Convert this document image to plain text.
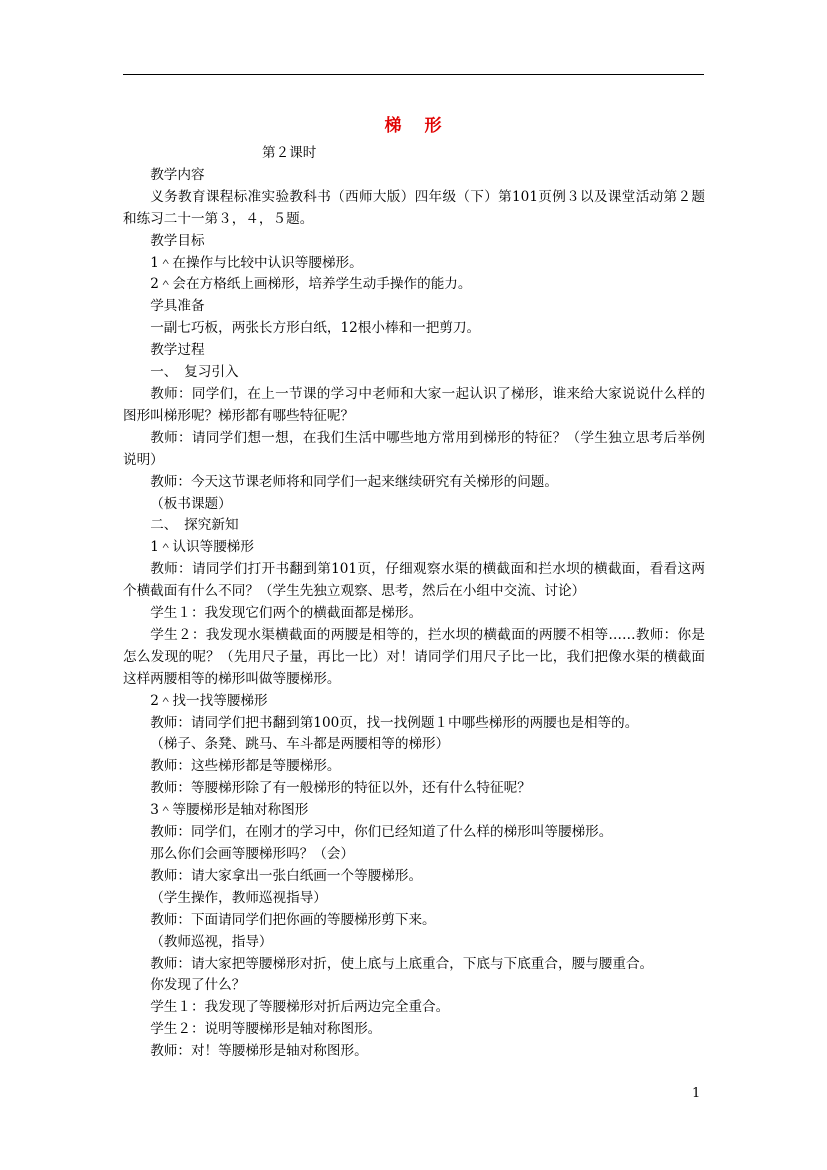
梯 形

第２课时

教学内容

义务教育课程标准实验教科书（西师大版）四年级（下）第101页例３以及课堂活动第２题和练习二十一第３，４，５题。

教学目标

1＾在操作与比较中认识等腰梯形。

2＾会在方格纸上画梯形，培养学生动手操作的能力。

学具准备

一副七巧板，两张长方形白纸，12根小棒和一把剪刀。

教学过程

一、　复习引入

教师：同学们，在上一节课的学习中老师和大家一起认识了梯形，谁来给大家说说什么样的图形叫梯形呢？梯形都有哪些特征呢？

教师：请同学们想一想，在我们生活中哪些地方常用到梯形的特征？（学生独立思考后举例说明）

教师：今天这节课老师将和同学们一起来继续研究有关梯形的问题。

（板书课题）

二、　探究新知

1＾认识等腰梯形

教师：请同学们打开书翻到第101页，仔细观察水渠的横截面和拦水坝的横截面，看看这两个横截面有什么不同？（学生先独立观察、思考，然后在小组中交流、讨论）

学生１：我发现它们两个的横截面都是梯形。

学生２：我发现水渠横截面的两腰是相等的，拦水坝的横截面的两腰不相等……教师：你是怎么发现的呢？（先用尺子量，再比一比）对！请同学们用尺子比一比，我们把像水渠的横截面这样两腰相等的梯形叫做等腰梯形。

2＾找一找等腰梯形

教师：请同学们把书翻到第100页，找一找例题１中哪些梯形的两腰也是相等的。

（梯子、条凳、跳马、车斗都是两腰相等的梯形）

教师：这些梯形都是等腰梯形。

教师：等腰梯形除了有一般梯形的特征以外，还有什么特征呢？

3＾等腰梯形是轴对称图形

教师：同学们，在刚才的学习中，你们已经知道了什么样的梯形叫等腰梯形。

那么你们会画等腰梯形吗？（会）

教师：请大家拿出一张白纸画一个等腰梯形。

（学生操作，教师巡视指导）

教师：下面请同学们把你画的等腰梯形剪下来。

（教师巡视，指导）

教师：请大家把等腰梯形对折，使上底与上底重合，下底与下底重合，腰与腰重合。

你发现了什么？

学生１：我发现了等腰梯形对折后两边完全重合。

学生２：说明等腰梯形是轴对称图形。

教师：对！等腰梯形是轴对称图形。

1
